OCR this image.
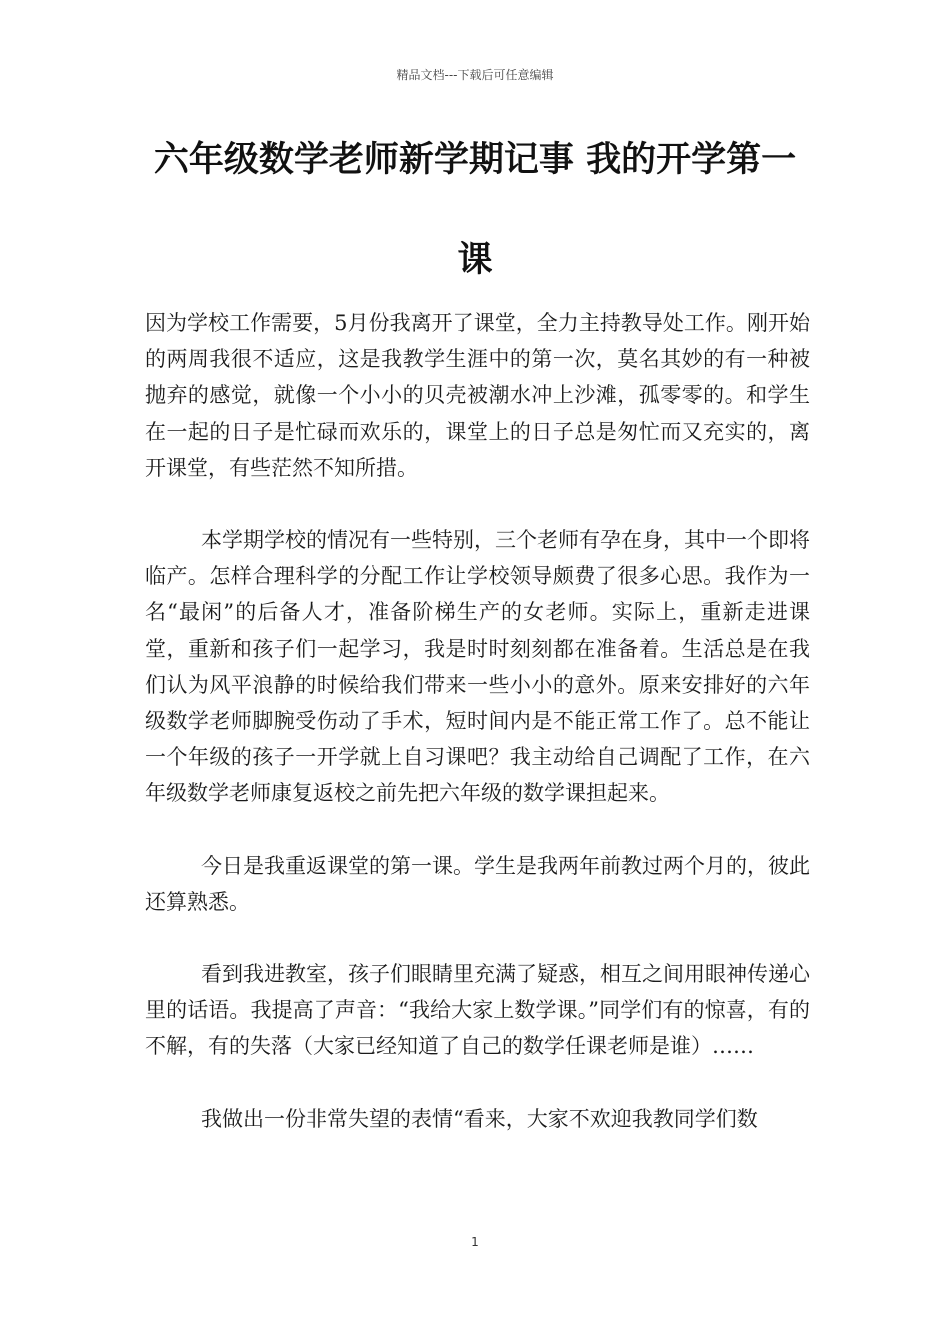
精品文档---下载后可任意编辑
六年级数学老师新学期记事 我的开学第一
课

因为学校工作需要，5月份我离开了课堂，全力主持教导处工作。刚开始的两周我很不适应，这是我教学生涯中的第一次，莫名其妙的有一种被抛弃的感觉，就像一个小小的贝壳被潮水冲上沙滩，孤零零的。和学生在一起的日子是忙碌而欢乐的，课堂上的日子总是匆忙而又充实的，离开课堂，有些茫然不知所措。

本学期学校的情况有一些特别，三个老师有孕在身，其中一个即将临产。怎样合理科学的分配工作让学校领导颇费了很多心思。我作为一名“最闲”的后备人才，准备阶梯生产的女老师。实际上，重新走进课堂，重新和孩子们一起学习，我是时时刻刻都在准备着。生活总是在我们认为风平浪静的时候给我们带来一些小小的意外。原来安排好的六年级数学老师脚腕受伤动了手术，短时间内是不能正常工作了。总不能让一个年级的孩子一开学就上自习课吧？我主动给自己调配了工作，在六年级数学老师康复返校之前先把六年级的数学课担起来。

今日是我重返课堂的第一课。学生是我两年前教过两个月的，彼此还算熟悉。

看到我进教室，孩子们眼睛里充满了疑惑，相互之间用眼神传递心里的话语。我提高了声音：“我给大家上数学课。”同学们有的惊喜，有的不解，有的失落（大家已经知道了自己的数学任课老师是谁）……

我做出一份非常失望的表情“看来，大家不欢迎我教同学们数

1
